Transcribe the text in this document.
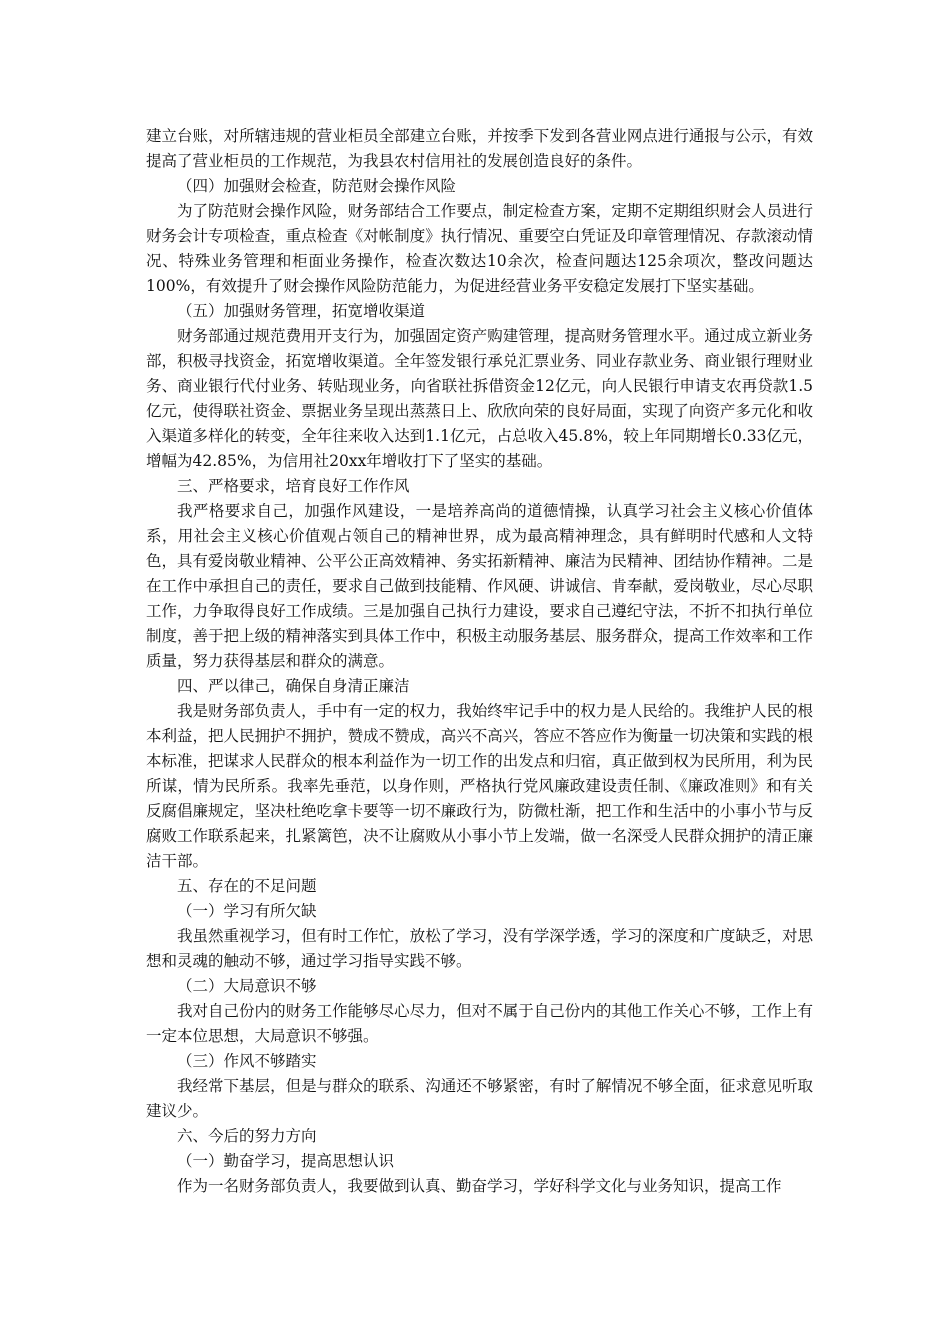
建立台账，对所辖违规的营业柜员全部建立台账，并按季下发到各营业网点进行通报与公示，有效提高了营业柜员的工作规范，为我县农村信用社的发展创造良好的条件。

（四）加强财会检查，防范财会操作风险

为了防范财会操作风险，财务部结合工作要点，制定检查方案，定期不定期组织财会人员进行财务会计专项检查，重点检查《对帐制度》执行情况、重要空白凭证及印章管理情况、存款滚动情况、特殊业务管理和柜面业务操作，检查次数达10余次，检查问题达125余项次，整改问题达100%，有效提升了财会操作风险防范能力，为促进经营业务平安稳定发展打下坚实基础。

（五）加强财务管理，拓宽增收渠道

财务部通过规范费用开支行为，加强固定资产购建管理，提高财务管理水平。通过成立新业务部，积极寻找资金，拓宽增收渠道。全年签发银行承兑汇票业务、同业存款业务、商业银行理财业务、商业银行代付业务、转贴现业务，向省联社拆借资金12亿元，向人民银行申请支农再贷款1.5亿元，使得联社资金、票据业务呈现出蒸蒸日上、欣欣向荣的良好局面，实现了向资产多元化和收入渠道多样化的转变，全年往来收入达到1.1亿元，占总收入45.8%，较上年同期增长0.33亿元，增幅为42.85%，为信用社20xx年增收打下了坚实的基础。

三、严格要求，培育良好工作作风

我严格要求自己，加强作风建设，一是培养高尚的道德情操，认真学习社会主义核心价值体系，用社会主义核心价值观占领自己的精神世界，成为最高精神理念，具有鲜明时代感和人文特色，具有爱岗敬业精神、公平公正高效精神、务实拓新精神、廉洁为民精神、团结协作精神。二是在工作中承担自己的责任，要求自己做到技能精、作风硬、讲诚信、肯奉献，爱岗敬业，尽心尽职工作，力争取得良好工作成绩。三是加强自己执行力建设，要求自己遵纪守法，不折不扣执行单位制度，善于把上级的精神落实到具体工作中，积极主动服务基层、服务群众，提高工作效率和工作质量，努力获得基层和群众的满意。

四、严以律己，确保自身清正廉洁

我是财务部负责人，手中有一定的权力，我始终牢记手中的权力是人民给的。我维护人民的根本利益，把人民拥护不拥护，赞成不赞成，高兴不高兴，答应不答应作为衡量一切决策和实践的根本标准，把谋求人民群众的根本利益作为一切工作的出发点和归宿，真正做到权为民所用，利为民所谋，情为民所系。我率先垂范，以身作则，严格执行党风廉政建设责任制、《廉政准则》和有关反腐倡廉规定，坚决杜绝吃拿卡要等一切不廉政行为，防微杜渐，把工作和生活中的小事小节与反腐败工作联系起来，扎紧篱笆，决不让腐败从小事小节上发端，做一名深受人民群众拥护的清正廉洁干部。

五、存在的不足问题

（一）学习有所欠缺

我虽然重视学习，但有时工作忙，放松了学习，没有学深学透，学习的深度和广度缺乏，对思想和灵魂的触动不够，通过学习指导实践不够。

（二）大局意识不够

我对自己份内的财务工作能够尽心尽力，但对不属于自己份内的其他工作关心不够，工作上有一定本位思想，大局意识不够强。

（三）作风不够踏实

我经常下基层，但是与群众的联系、沟通还不够紧密，有时了解情况不够全面，征求意见听取建议少。

六、今后的努力方向

（一）勤奋学习，提高思想认识

作为一名财务部负责人，我要做到认真、勤奋学习，学好科学文化与业务知识，提高工作
